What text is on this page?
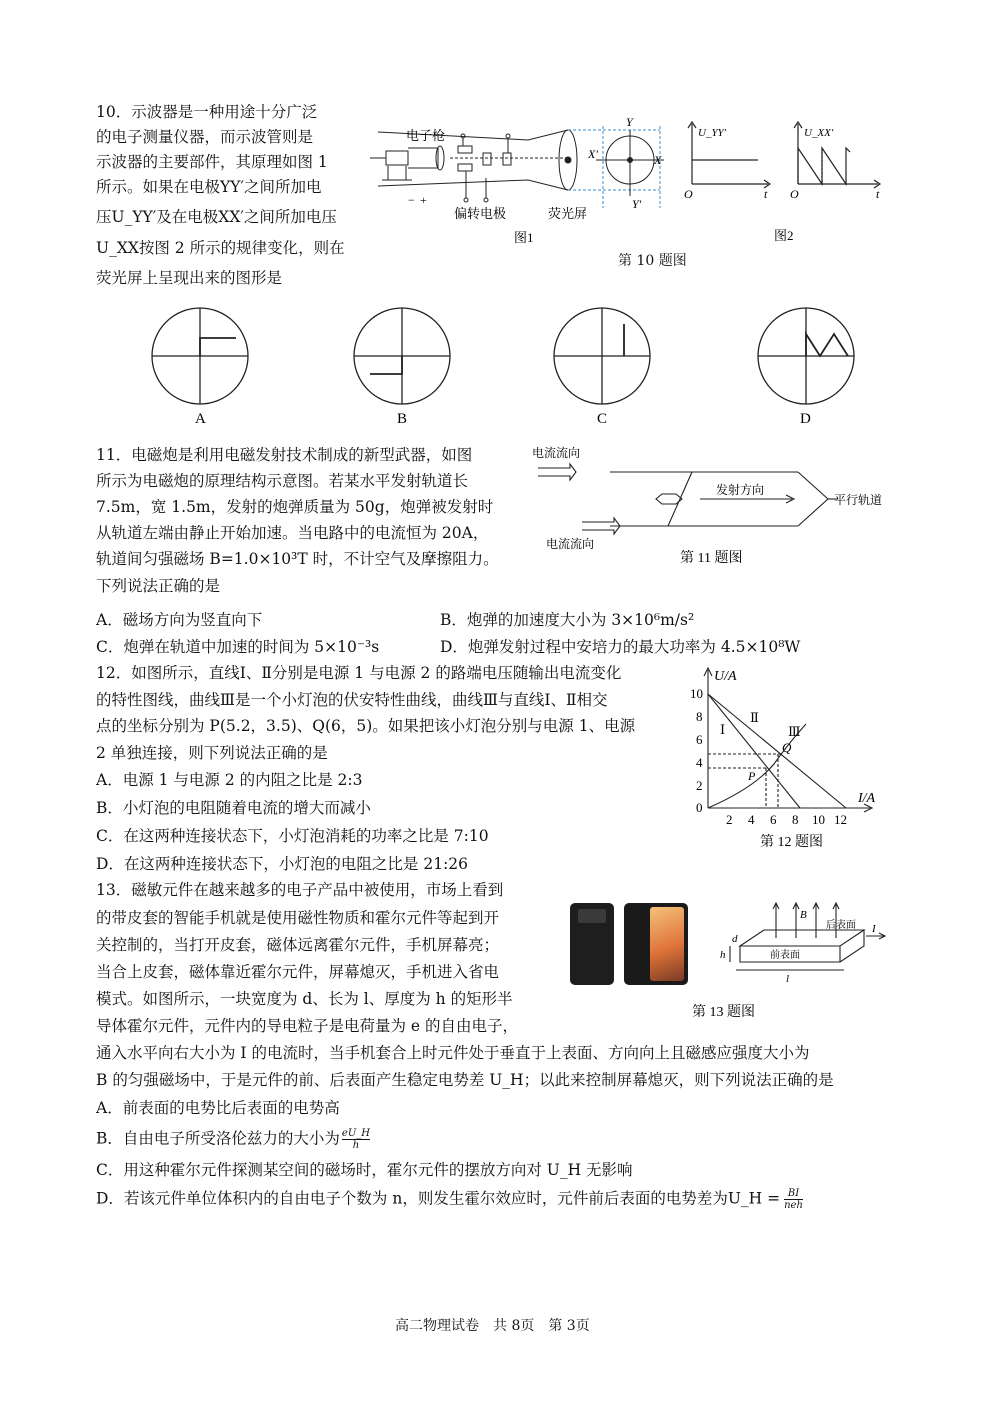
10．示波器是一种用途十分广泛
的电子测量仪器，而示波管则是
示波器的主要部件，其原理如图 1
所示。如果在电极YY′之间所加电
压U_YY′及在电极XX′之间所加电压
U_XX按图 2 所示的规律变化，则在
荧光屏上呈现出来的图形是
电子枪
偏转电极	荧光屏
图1
Y
Y′
X
X′
− +
U_YY′	U_XX′
O	t O	t
图2
第 10 题图
A	B	C	D
11．电磁炮是利用电磁发射技术制成的新型武器，如图
所示为电磁炮的原理结构示意图。若某水平发射轨道长
7.5m，宽 1.5m，发射的炮弹质量为 50g，炮弹被发射时
从轨道左端由静止开始加速。当电路中的电流恒为 20A，
轨道间匀强磁场 B=1.0×10³T 时，不计空气及摩擦阻力。
下列说法正确的是
电流流向
电流流向
发射方向
平行轨道
第 11 题图
A．磁场方向为竖直向下	B．炮弹的加速度大小为 3×10⁶m/s²
C．炮弹在轨道中加速的时间为 5×10⁻³s	D．炮弹发射过程中安培力的最大功率为 4.5×10⁸W
12．如图所示，直线Ⅰ、Ⅱ分别是电源 1 与电源 2 的路端电压随输出电流变化
的特性图线，曲线Ⅲ是一个小灯泡的伏安特性曲线，曲线Ⅲ与直线Ⅰ、Ⅱ相交
点的坐标分别为 P(5.2，3.5)、Q(6，5)。如果把该小灯泡分别与电源 1、电源
2 单独连接，则下列说法正确的是
A．电源 1 与电源 2 的内阻之比是 2:3
B．小灯泡的电阻随着电流的增大而减小
C．在这两种连接状态下，小灯泡消耗的功率之比是 7:10
D．在这两种连接状态下，小灯泡的电阻之比是 21:26
U/A
I/A
10
8
6
4
2
0
2 4 6 8 10 12
Ⅰ
Ⅱ
Ⅲ
P
Q
第 12 题图
13．磁敏元件在越来越多的电子产品中被使用，市场上看到
的带皮套的智能手机就是使用磁性物质和霍尔元件等起到开
关控制的，当打开皮套，磁体远离霍尔元件，手机屏幕亮；
当合上皮套，磁体靠近霍尔元件，屏幕熄灭，手机进入省电
模式。如图所示，一块宽度为 d、长为 l、厚度为 h 的矩形半
导体霍尔元件，元件内的导电粒子是电荷量为 e 的自由电子，
通入水平向右大小为 I 的电流时，当手机套合上时元件处于垂直于上表面、方向向上且磁感应强度大小为
B 的匀强磁场中，于是元件的前、后表面产生稳定电势差 U_H；以此来控制屏幕熄灭，则下列说法正确的是
A．前表面的电势比后表面的电势高
B．自由电子所受洛伦兹力的大小为 $\frac{eU\_H}{h}$
C．用这种霍尔元件探测某空间的磁场时，霍尔元件的摆放方向对 U_H 无影响
D．若该元件单位体积内的自由电子个数为 n，则发生霍尔效应时，元件前后表面的电势差为U_H = BI
neh
B
后表面
前表面
I
d
h
l
第 13 题图
高二物理试卷　共 8页　第 3页
